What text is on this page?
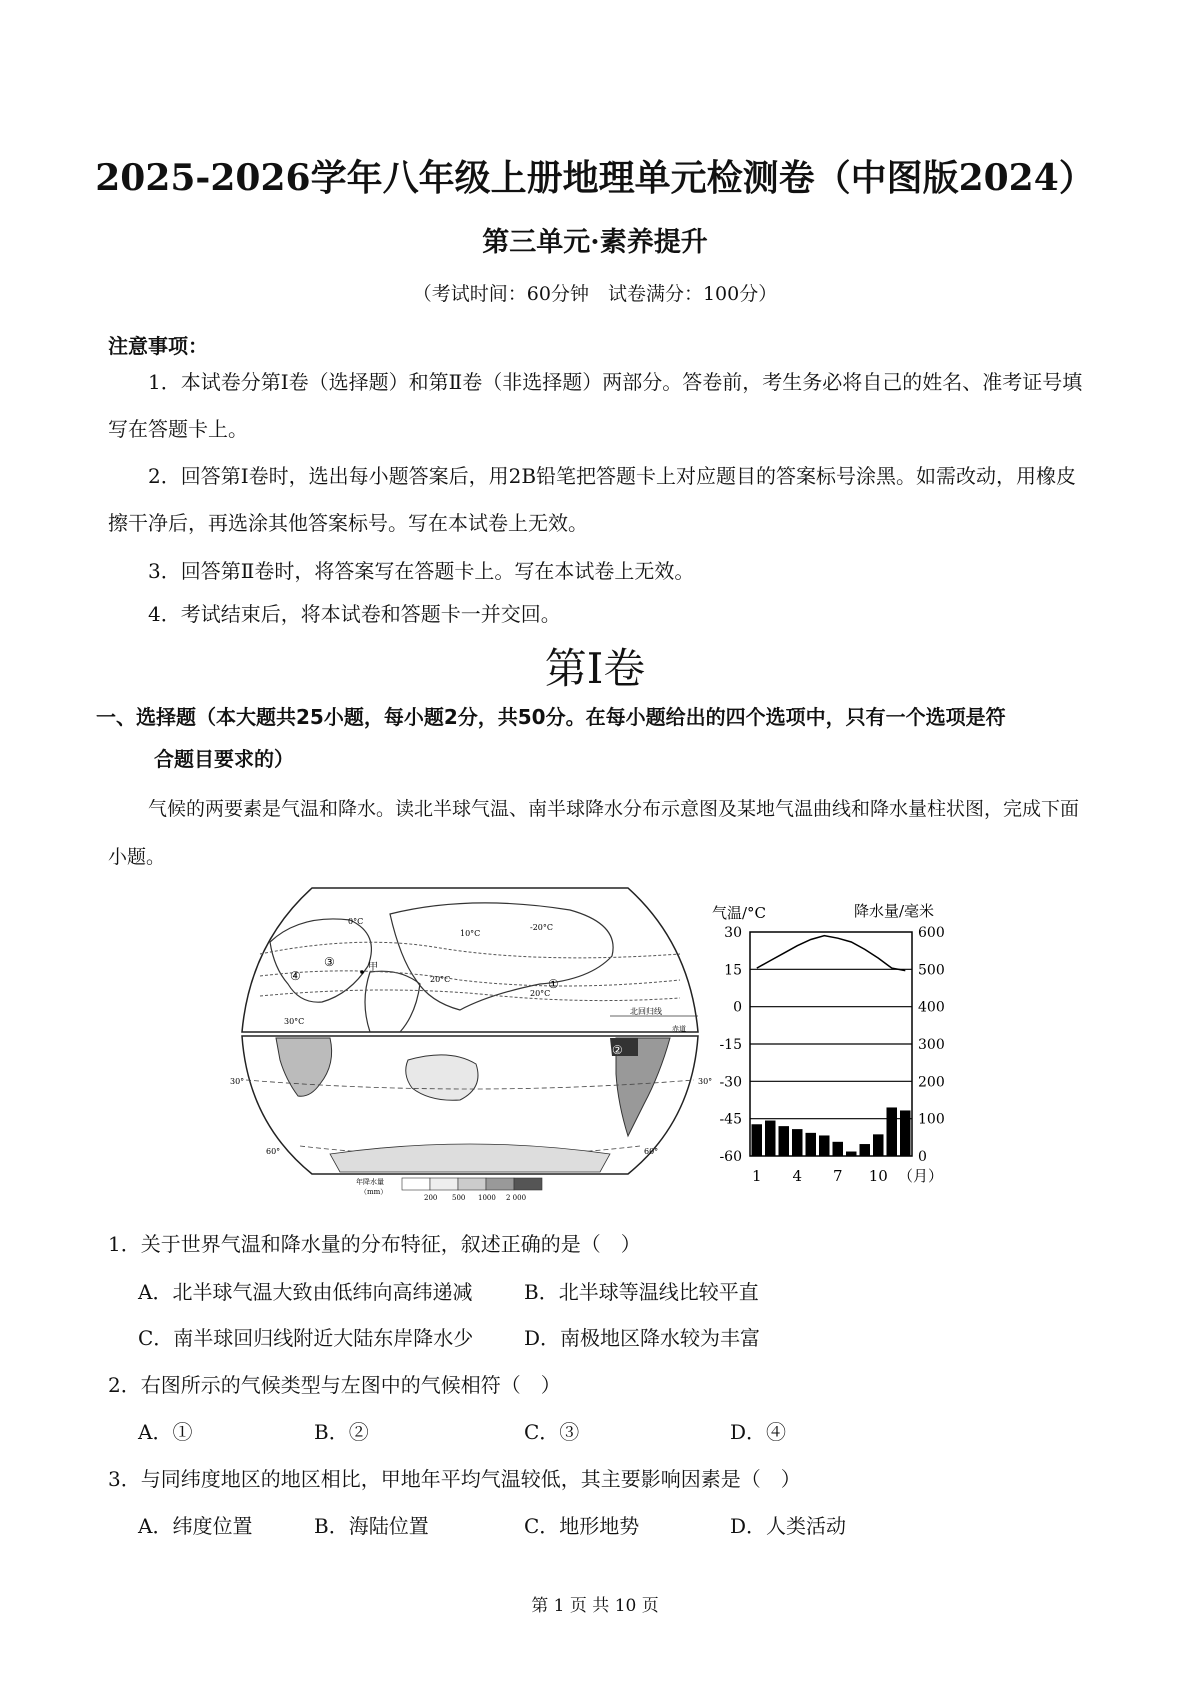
2025-2026学年八年级上册地理单元检测卷（中图版2024）
第三单元·素养提升
（考试时间：60分钟　试卷满分：100分）
注意事项：
1．本试卷分第Ⅰ卷（选择题）和第Ⅱ卷（非选择题）两部分。答卷前，考生务必将自己的姓名、准考证号填写在答题卡上。
2．回答第Ⅰ卷时，选出每小题答案后，用2B铅笔把答题卡上对应题目的答案标号涂黑。如需改动，用橡皮擦干净后，再选涂其他答案标号。写在本试卷上无效。
3．回答第Ⅱ卷时，将答案写在答题卡上。写在本试卷上无效。
4．考试结束后，将本试卷和答题卡一并交回。
第Ⅰ卷
一、选择题（本大题共25小题，每小题2分，共50分。在每小题给出的四个选项中，只有一个选项是符
合题目要求的）
气候的两要素是气温和降水。读北半球气温、南半球降水分布示意图及某地气温曲线和降水量柱状图，完成下面小题。
0°C
10°C
20°C
-20°C
20°C
30°C
北回归线
赤道
甲
④
③
①
②
30°	30°
60°	60°
年降水量
（mm）
200 500 1000 2 000
气温/°C	降水量/毫米
30
15
0
-15
-30
-45
-60
600
500
400
300
200
100
0
1 4 7 10 （月）
1．关于世界气温和降水量的分布特征，叙述正确的是（　）
A．北半球气温大致由低纬向高纬递减	B．北半球等温线比较平直
C．南半球回归线附近大陆东岸降水少	D．南极地区降水较为丰富
2．右图所示的气候类型与左图中的气候相符（　）
A．①	B．②	C．③	D．④
3．与同纬度地区的地区相比，甲地年平均气温较低，其主要影响因素是（　）
A．纬度位置	B．海陆位置	C．地形地势	D．人类活动
第 1 页 共 10 页
